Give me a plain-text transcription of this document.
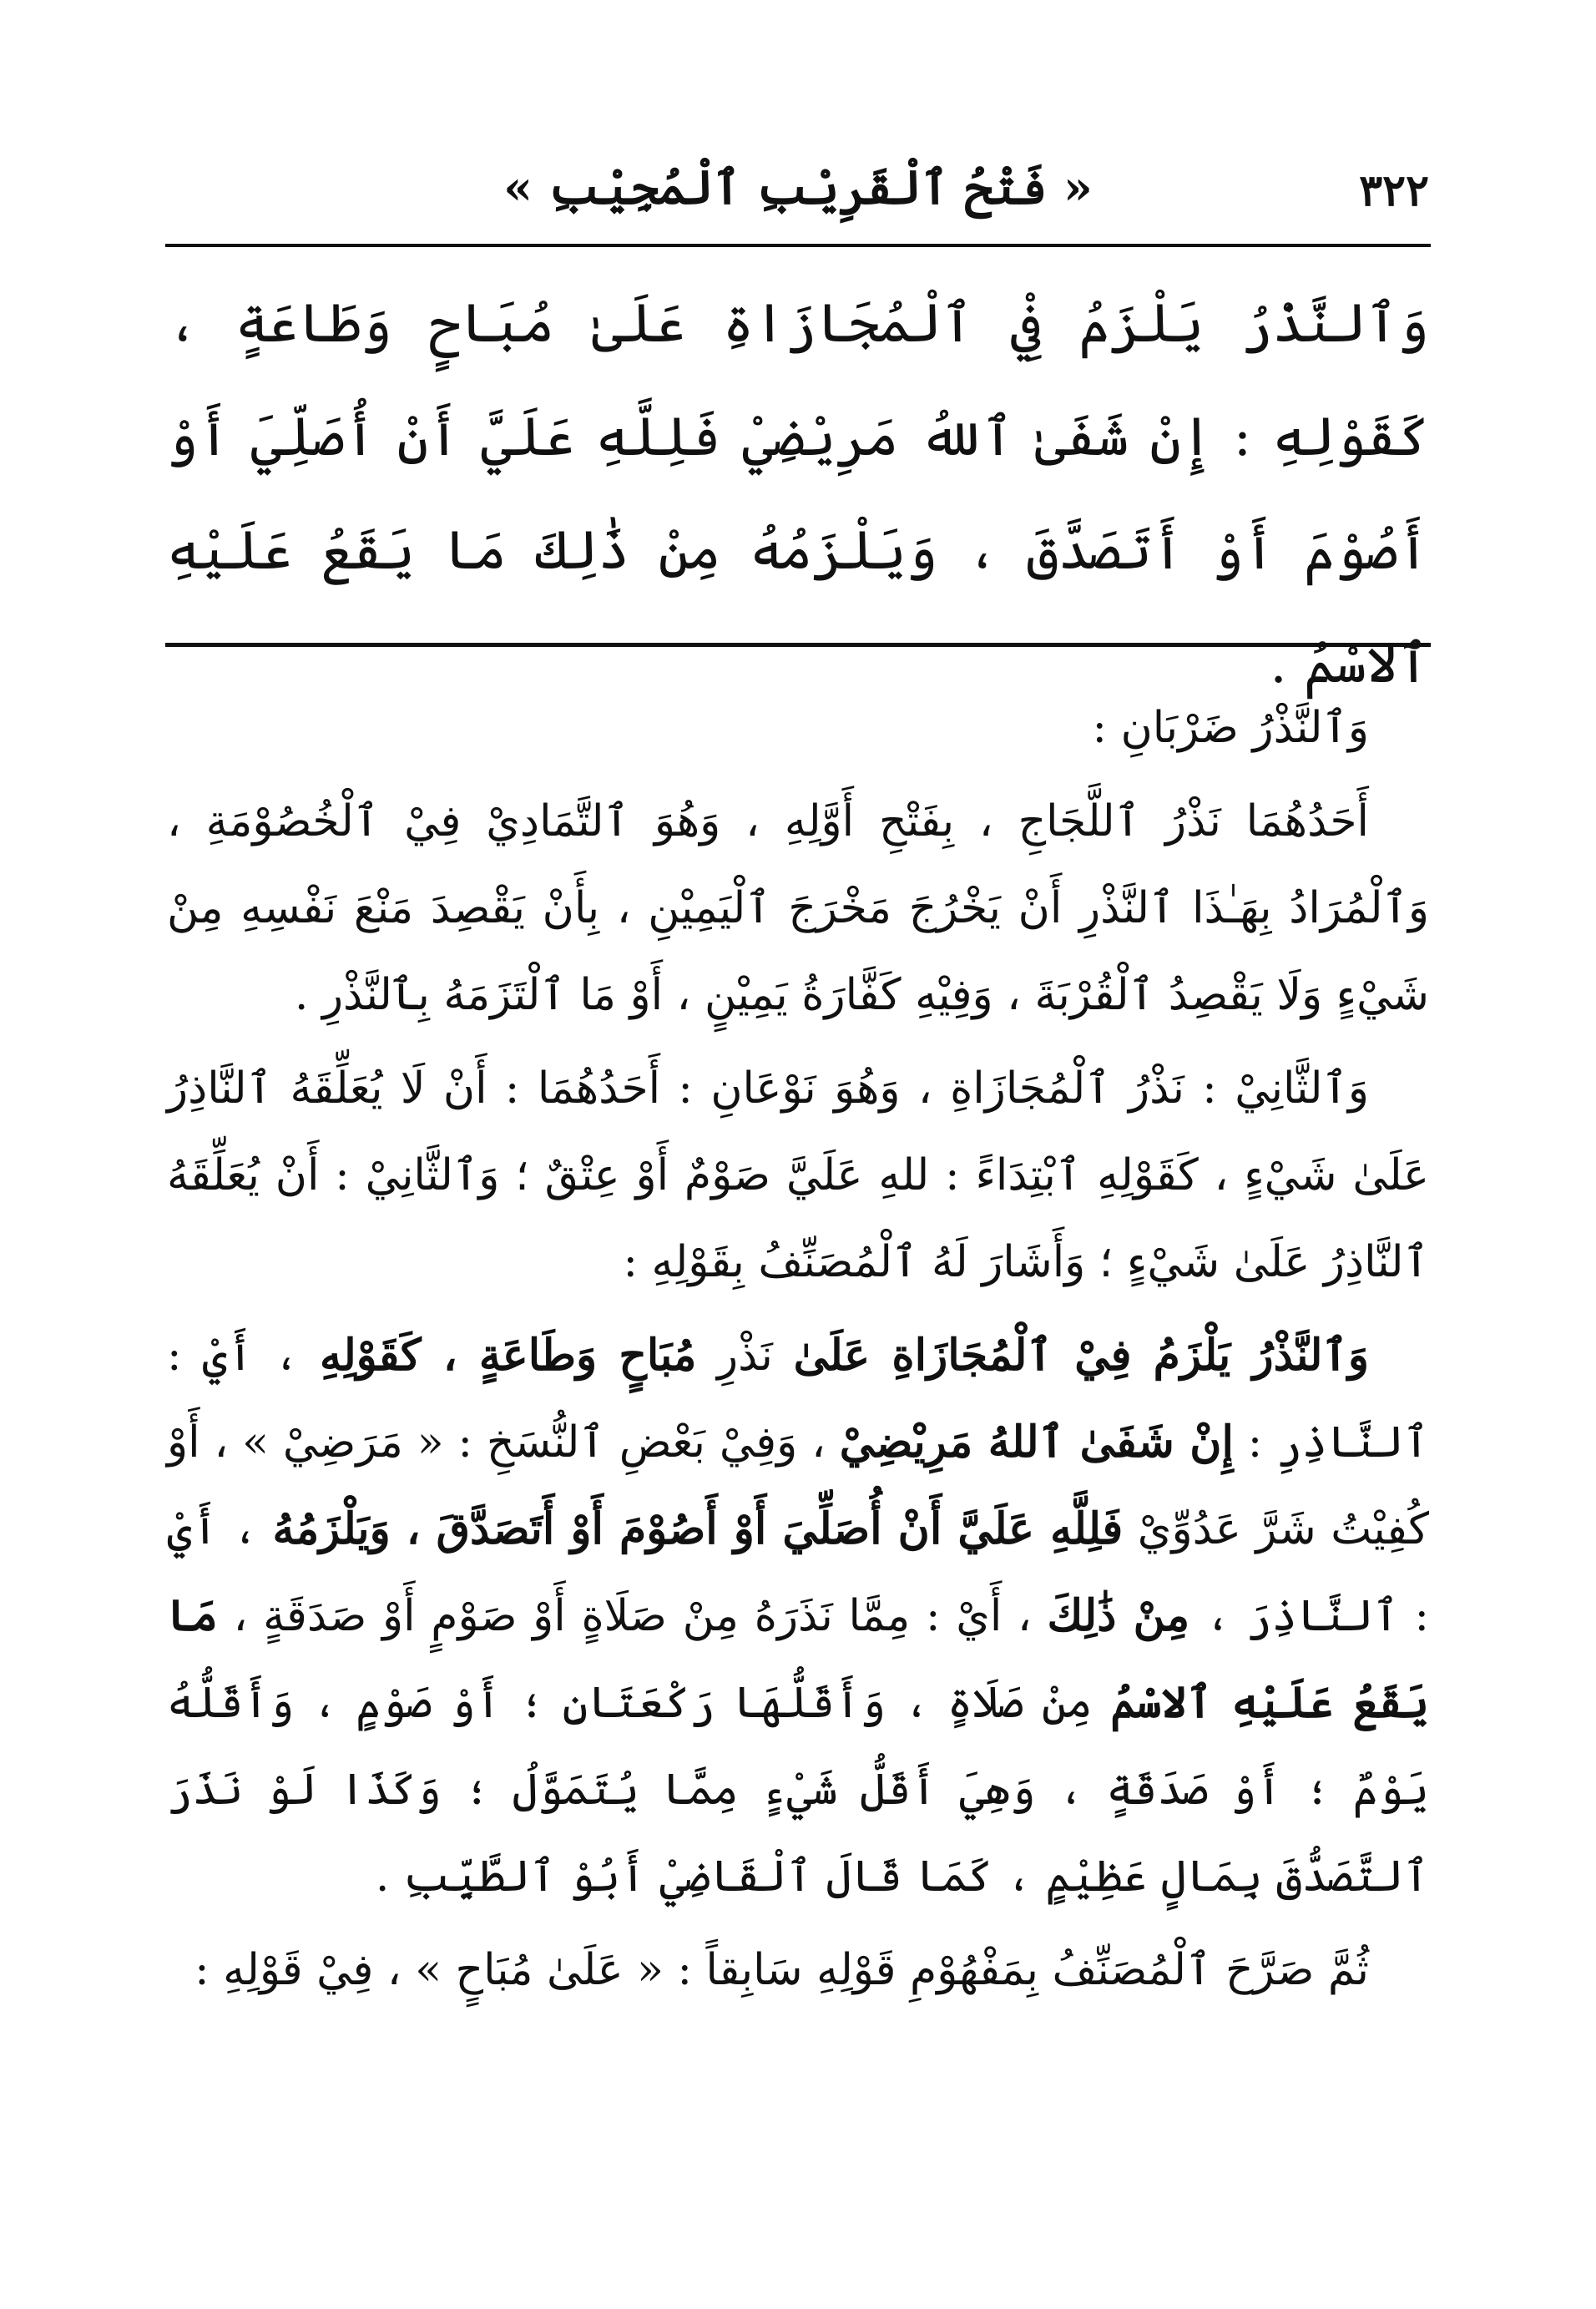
٣٢٢
« فَتْحُ ٱلْقَرِيْبِ ٱلْمُجِيْبِ »
وَٱلنَّذْرُ يَلْزَمُ فِيْ ٱلْمُجَازَاةِ عَلَىٰ مُبَاحٍ وَطَاعَةٍ ، كَقَوْلِهِ : إِنْ شَفَىٰ ٱللهُ مَرِيْضِيْ فَلِلَّهِ عَلَيَّ أَنْ أُصَلِّيَ أَوْ أَصُوْمَ أَوْ أَتَصَدَّقَ ، وَيَلْزَمُهُ مِنْ ذَٰلِكَ مَا يَقَعُ عَلَيْهِ ٱلاسْمُ .

وَٱلنَّذْرُ ضَرْبَانِ :

أَحَدُهُمَا نَذْرُ ٱللَّجَاجِ ، بِفَتْحِ أَوَّلِهِ ، وَهُوَ ٱلتَّمَادِيْ فِيْ ٱلْخُصُوْمَةِ ، وَٱلْمُرَادُ بِهَـٰذَا ٱلنَّذْرِ أَنْ يَخْرُجَ مَخْرَجَ ٱلْيَمِيْنِ ، بِأَنْ يَقْصِدَ مَنْعَ نَفْسِهِ مِنْ شَيْءٍ وَلَا يَقْصِدُ ٱلْقُرْبَةَ ، وَفِيْهِ كَفَّارَةُ يَمِيْنٍ ، أَوْ مَا ٱلْتَزَمَهُ بِٱلنَّذْرِ .

وَٱلثَّانِيْ : نَذْرُ ٱلْمُجَازَاةِ ، وَهُوَ نَوْعَانِ : أَحَدُهُمَا : أَنْ لَا يُعَلِّقَهُ ٱلنَّاذِرُ عَلَىٰ شَيْءٍ ، كَقَوْلِهِ ٱبْتِدَاءً : للهِ عَلَيَّ صَوْمٌ أَوْ عِتْقٌ ؛ وَٱلثَّانِيْ : أَنْ يُعَلِّقَهُ ٱلنَّاذِرُ عَلَىٰ شَيْءٍ ؛ وَأَشَارَ لَهُ ٱلْمُصَنِّفُ بِقَوْلِهِ :

وَٱلنَّذْرُ يَلْزَمُ فِيْ ٱلْمُجَازَاةِ عَلَىٰ نَذْرِ مُبَاحٍ وَطَاعَةٍ ، كَقَوْلِهِ ، أَيْ : ٱلنَّاذِرِ : إِنْ شَفَىٰ ٱللهُ مَرِيْضِيْ ، وَفِيْ بَعْضِ ٱلنُّسَخِ : « مَرَضِيْ » ، أَوْ كُفِيْتُ شَرَّ عَدُوِّيْ فَلِلَّهِ عَلَيَّ أَنْ أُصَلِّيَ أَوْ أَصُوْمَ أَوْ أَتَصَدَّقَ ، وَيَلْزَمُهُ ، أَيْ : ٱلنَّاذِرَ ، مِنْ ذَٰلِكَ ، أَيْ : مِمَّا نَذَرَهُ مِنْ صَلَاةٍ أَوْ صَوْمٍ أَوْ صَدَقَةٍ ، مَا يَقَعُ عَلَيْهِ ٱلاسْمُ مِنْ صَلَاةٍ ، وَأَقَلُّهَا رَكْعَتَانِ ؛ أَوْ صَوْمٍ ، وَأَقَلُّهُ يَوْمٌ ؛ أَوْ صَدَقَةٍ ، وَهِيَ أَقَلُّ شَيْءٍ مِمَّا يُتَمَوَّلُ ؛ وَكَذَا لَوْ نَذَرَ ٱلتَّصَدُّقَ بِمَالٍ عَظِيْمٍ ، كَمَا قَالَ ٱلْقَاضِيْ أَبُوْ ٱلطَّيِّبِ .

ثُمَّ صَرَّحَ ٱلْمُصَنِّفُ بِمَفْهُوْمِ قَوْلِهِ سَابِقاً : « عَلَىٰ مُبَاحٍ » ، فِيْ قَوْلِهِ :
